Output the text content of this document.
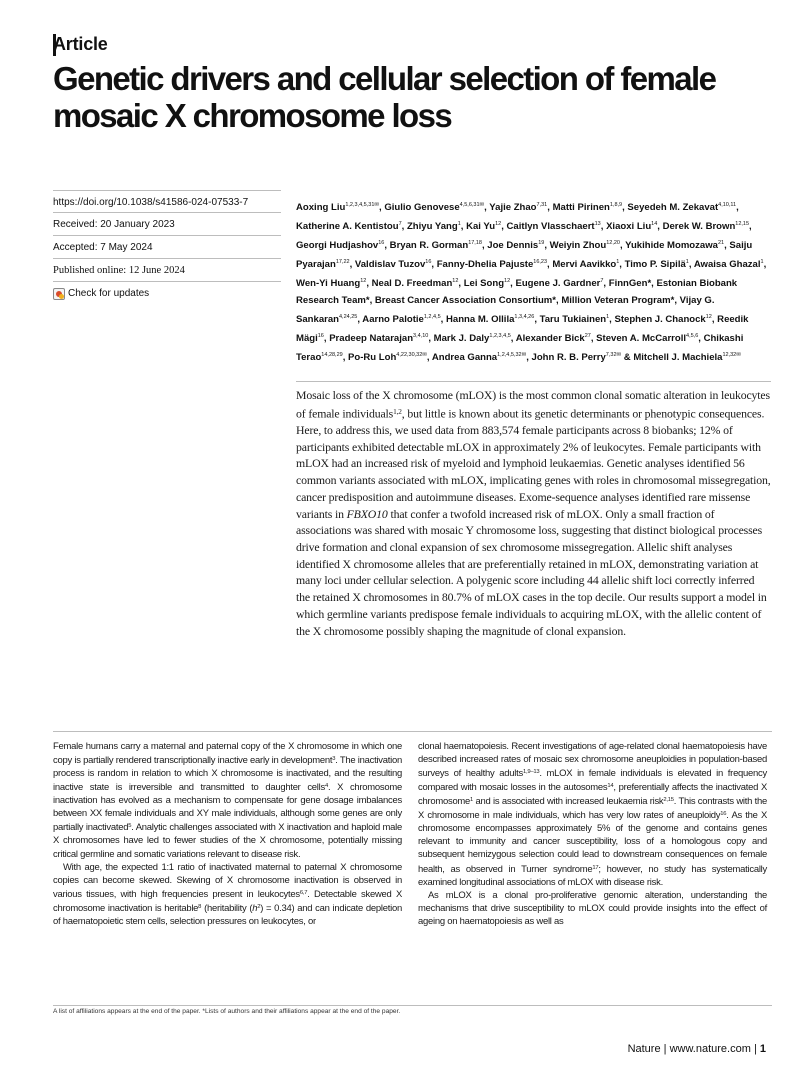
Article
Genetic drivers and cellular selection of female mosaic X chromosome loss
https://doi.org/10.1038/s41586-024-07533-7
Received: 20 January 2023
Accepted: 7 May 2024
Published online: 12 June 2024
Check for updates
Aoxing Liu$^{1,2,3,4,5,31✉}$, Giulio Genovese$^{4,5,6,31✉}$, Yajie Zhao$^{7,31}$, Matti Pirinen$^{1,8,9}$, Seyedeh M. Zekavat$^{4,10,11}$, Katherine A. Kentistou$^7$, Zhiyu Yang$^1$, Kai Yu$^{12}$, Caitlyn Vlasschaert$^{13}$, Xiaoxi Liu$^{14}$, Derek W. Brown$^{12,15}$, Georgi Hudjashov$^{16}$, Bryan R. Gorman$^{17,18}$, Joe Dennis$^{19}$, Weiyin Zhou$^{12,20}$, Yukihide Momozawa$^{21}$, Saiju Pyarajan$^{17,22}$, Valdislav Tuzov$^{16}$, Fanny-Dhelia Pajuste$^{16,23}$, Mervi Aavikko$^1$, Timo P. Sipilä$^1$, Awaisa Ghazal$^1$, Wen-Yi Huang$^{12}$, Neal D. Freedman$^{12}$, Lei Song$^{12}$, Eugene J. Gardner$^7$, FinnGen*, Estonian Biobank Research Team*, Breast Cancer Association Consortium*, Million Veteran Program*, Vijay G. Sankaran$^{4,24,25}$, Aarno Palotie$^{1,2,4,5}$, Hanna M. Ollila$^{1,3,4,26}$, Taru Tukiainen$^1$, Stephen J. Chanock$^{12}$, Reedik Mägi$^{16}$, Pradeep Natarajan$^{3,4,10}$, Mark J. Daly$^{1,2,3,4,5}$, Alexander Bick$^{27}$, Steven A. McCarroll$^{4,5,6}$, Chikashi Terao$^{14,28,29}$, Po-Ru Loh$^{4,22,30,32✉}$, Andrea Ganna$^{1,2,4,5,32✉}$, John R. B. Perry$^{7,32✉}$ & Mitchell J. Machiela$^{12,32✉}$
Mosaic loss of the X chromosome (mLOX) is the most common clonal somatic alteration in leukocytes of female individuals$^{1,2}$, but little is known about its genetic determinants or phenotypic consequences. Here, to address this, we used data from 883,574 female participants across 8 biobanks; 12% of participants exhibited detectable mLOX in approximately 2% of leukocytes. Female participants with mLOX had an increased risk of myeloid and lymphoid leukaemias. Genetic analyses identified 56 common variants associated with mLOX, implicating genes with roles in chromosomal missegregation, cancer predisposition and autoimmune diseases. Exome-sequence analyses identified rare missense variants in FBXO10 that confer a twofold increased risk of mLOX. Only a small fraction of associations was shared with mosaic Y chromosome loss, suggesting that distinct biological processes drive formation and clonal expansion of sex chromosome missegregation. Allelic shift analyses identified X chromosome alleles that are preferentially retained in mLOX, demonstrating variation at many loci under cellular selection. A polygenic score including 44 allelic shift loci correctly inferred the retained X chromosomes in 80.7% of mLOX cases in the top decile. Our results support a model in which germline variants predispose female individuals to acquiring mLOX, with the allelic content of the X chromosome possibly shaping the magnitude of clonal expansion.

Female humans carry a maternal and paternal copy of the X chromosome in which one copy is partially rendered transcriptionally inactive early in development$^3$. The inactivation process is random in relation to which X chromosome is inactivated, and the resulting inactive state is irreversible and transmitted to daughter cells$^4$. X chromosome inactivation has evolved as a mechanism to compensate for gene dosage imbalances between XX female individuals and XY male individuals, although some genes are only partially inactivated$^5$. Analytic challenges associated with X inactivation and haploid male X chromosomes have led to fewer studies of the X chromosome, potentially missing critical germline and somatic variations relevant to disease risk.

With age, the expected 1:1 ratio of inactivated maternal to paternal X chromosome copies can become skewed. Skewing of X chromosome inactivation is observed in various tissues, with high frequencies present in leukocytes$^{6,7}$. Detectable skewed X chromosome inactivation is heritable$^8$ (heritability $(h^2) = 0.34$) and can indicate depletion of haematopoietic stem cells, selection pressures on leukocytes, or

clonal haematopoiesis. Recent investigations of age-related clonal haematopoiesis have described increased rates of mosaic sex chromosome aneuploidies in population-based surveys of healthy adults$^{1,9-13}$. mLOX in female individuals is elevated in frequency compared with mosaic losses in the autosomes$^{14}$, preferentially affects the inactivated X chromosome$^1$ and is associated with increased leukaemia risk$^{2,15}$. This contrasts with the X chromosome in male individuals, which has very low rates of aneuploidy$^{16}$. As the X chromosome encompasses approximately 5% of the genome and contains genes relevant to immunity and cancer susceptibility, loss of a homologous copy and subsequent hemizygous selection could lead to downstream consequences on female health, as observed in Turner syndrome$^{17}$; however, no study has systematically examined longitudinal associations of mLOX with disease risk.

As mLOX is a clonal pro-proliferative genomic alteration, understanding the mechanisms that drive susceptibility to mLOX could provide insights into the effect of ageing on haematopoiesis as well as

A list of affiliations appears at the end of the paper. *Lists of authors and their affiliations appear at the end of the paper.
Nature | www.nature.com | 1
